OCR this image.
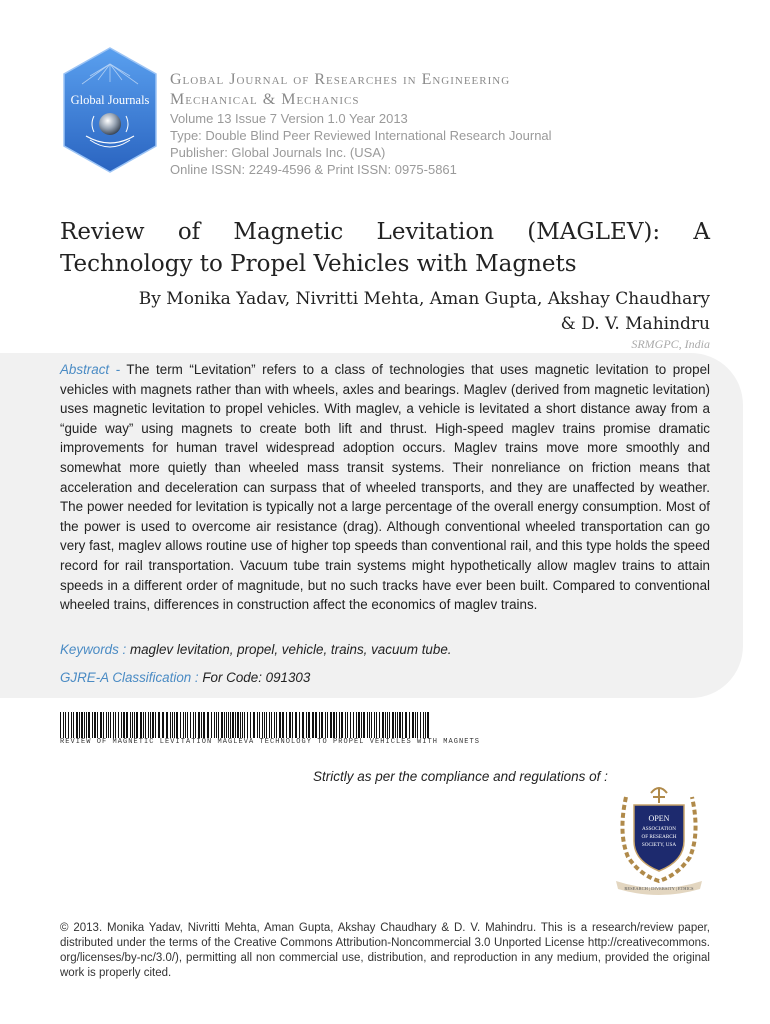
Global Journals
Global Journal of Researches in Engineering
Mechanical & Mechanics
Volume 13 Issue 7 Version 1.0 Year 2013
Type: Double Blind Peer Reviewed International Research Journal
Publisher: Global Journals Inc. (USA)
Online ISSN: 2249-4596 & Print ISSN: 0975-5861
Review of Magnetic Levitation (MAGLEV): A Technology to Propel Vehicles with Magnets
By Monika Yadav, Nivritti Mehta, Aman Gupta, Akshay Chaudhary
& D. V. Mahindru
SRMGPC, India
Abstract - The term “Levitation” refers to a class of technologies that uses magnetic levitation to propel vehicles with magnets rather than with wheels, axles and bearings. Maglev (derived from magnetic levitation) uses magnetic levitation to propel vehicles. With maglev, a vehicle is levitated a short distance away from a “guide way” using magnets to create both lift and thrust. High-speed maglev trains promise dramatic improvements for human travel widespread adoption occurs. Maglev trains move more smoothly and somewhat more quietly than wheeled mass transit systems. Their nonreliance on friction means that acceleration and deceleration can surpass that of wheeled transports, and they are unaffected by weather. The power needed for levitation is typically not a large percentage of the overall energy consumption. Most of the power is used to overcome air resistance (drag). Although conventional wheeled transportation can go very fast, maglev allows routine use of higher top speeds than conventional rail, and this type holds the speed record for rail transportation. Vacuum tube train systems might hypothetically allow maglev trains to attain speeds in a different order of magnitude, but no such tracks have ever been built. Compared to conventional wheeled trains, differences in construction affect the economics of maglev trains.
Keywords : maglev levitation, propel, vehicle, trains, vacuum tube.
GJRE-A Classification : For Code: 091303
REVIEW OF MAGNETIC LEVITATION MAGLEVA TECHNOLOGY TO PROPEL VEHICLES WITH MAGNETS
Strictly as per the compliance and regulations of :
OPEN
ASSOCIATION
OF RESEARCH
SOCIETY, USA
RESEARCH | DIVERSITY | ETHICS
© 2013. Monika Yadav, Nivritti Mehta, Aman Gupta, Akshay Chaudhary & D. V. Mahindru. This is a research/review paper, distributed under the terms of the Creative Commons Attribution-Noncommercial 3.0 Unported License http://creativecommons. org/licenses/by-nc/3.0/), permitting all non commercial use, distribution, and reproduction in any medium, provided the original work is properly cited.
